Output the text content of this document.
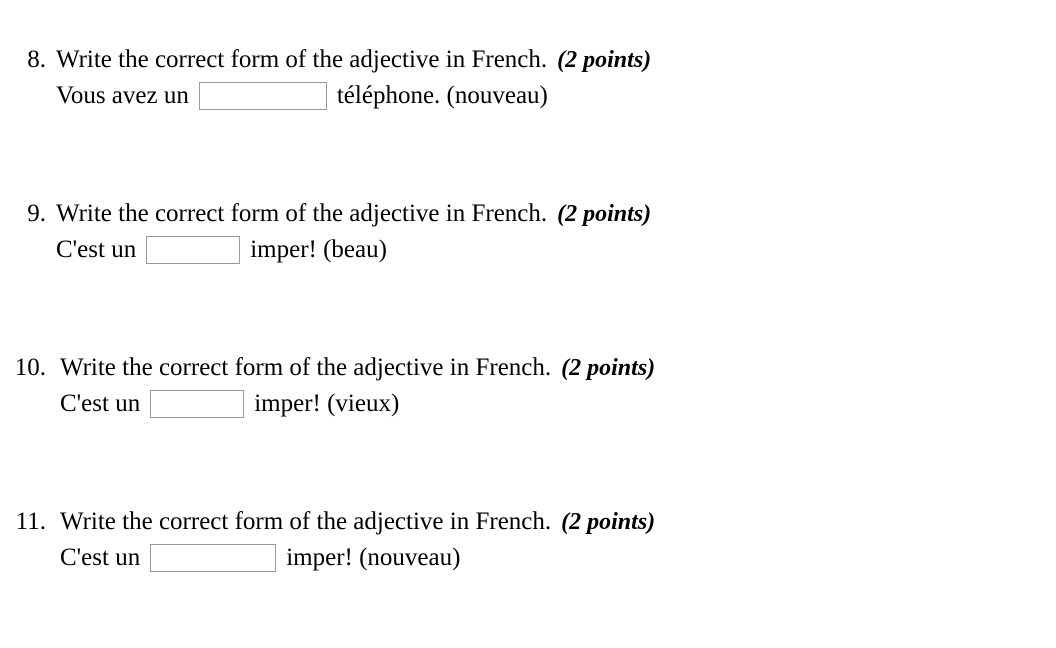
8. Write the correct form of the adjective in French. (2 points)
Vous avez un	téléphone. (nouveau)
9. Write the correct form of the adjective in French. (2 points)
C'est un	imper! (beau)
10. Write the correct form of the adjective in French. (2 points)
C'est un	imper! (vieux)
11. Write the correct form of the adjective in French. (2 points)
C'est un	imper! (nouveau)
